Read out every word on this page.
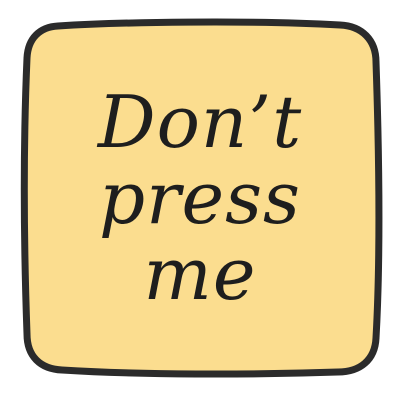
Don’t
press
me
